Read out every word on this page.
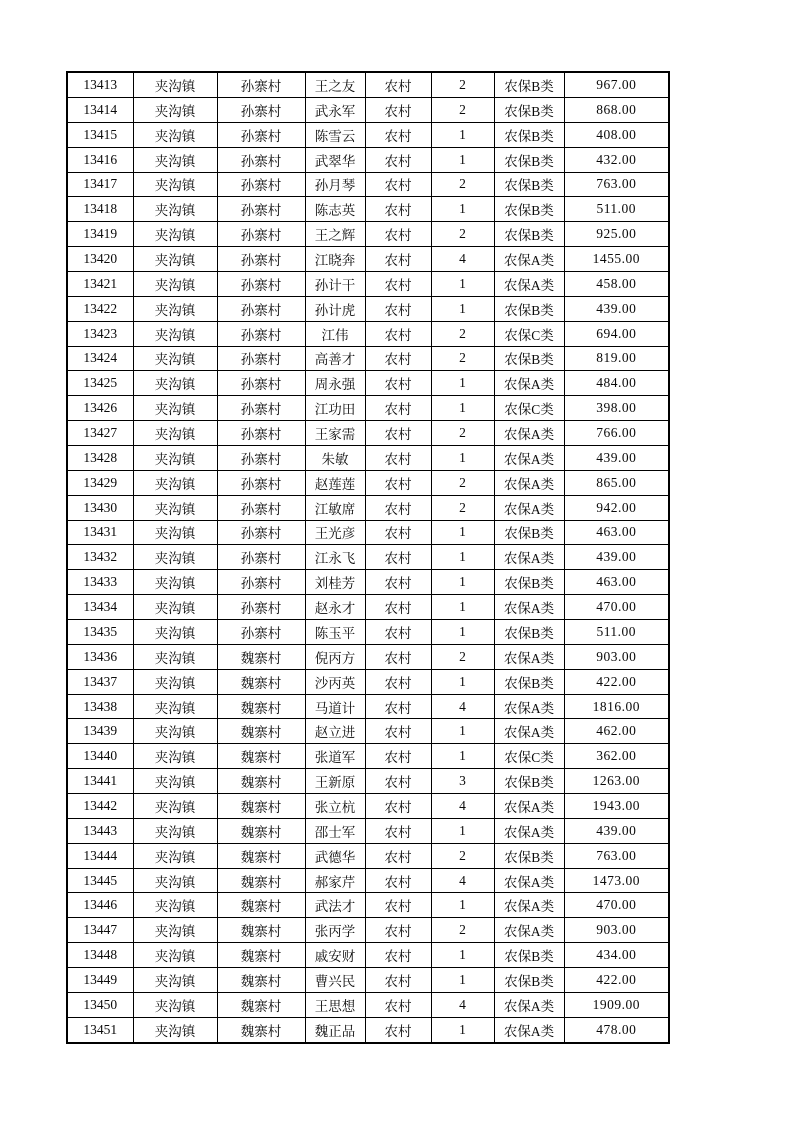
13413	夹沟镇	孙寨村	王之友	农村	2	农保B类	967.00
13414	夹沟镇	孙寨村	武永军	农村	2	农保B类	868.00
13415	夹沟镇	孙寨村	陈雪云	农村	1	农保B类	408.00
13416	夹沟镇	孙寨村	武翠华	农村	1	农保B类	432.00
13417	夹沟镇	孙寨村	孙月琴	农村	2	农保B类	763.00
13418	夹沟镇	孙寨村	陈志英	农村	1	农保B类	511.00
13419	夹沟镇	孙寨村	王之辉	农村	2	农保B类	925.00
13420	夹沟镇	孙寨村	江晓奔	农村	4	农保A类	1455.00
13421	夹沟镇	孙寨村	孙计干	农村	1	农保A类	458.00
13422	夹沟镇	孙寨村	孙计虎	农村	1	农保B类	439.00
13423	夹沟镇	孙寨村	江伟	农村	2	农保C类	694.00
13424	夹沟镇	孙寨村	高善才	农村	2	农保B类	819.00
13425	夹沟镇	孙寨村	周永强	农村	1	农保A类	484.00
13426	夹沟镇	孙寨村	江功田	农村	1	农保C类	398.00
13427	夹沟镇	孙寨村	王家需	农村	2	农保A类	766.00
13428	夹沟镇	孙寨村	朱敏	农村	1	农保A类	439.00
13429	夹沟镇	孙寨村	赵莲莲	农村	2	农保A类	865.00
13430	夹沟镇	孙寨村	江敏席	农村	2	农保A类	942.00
13431	夹沟镇	孙寨村	王光彦	农村	1	农保B类	463.00
13432	夹沟镇	孙寨村	江永飞	农村	1	农保A类	439.00
13433	夹沟镇	孙寨村	刘桂芳	农村	1	农保B类	463.00
13434	夹沟镇	孙寨村	赵永才	农村	1	农保A类	470.00
13435	夹沟镇	孙寨村	陈玉平	农村	1	农保B类	511.00
13436	夹沟镇	魏寨村	倪丙方	农村	2	农保A类	903.00
13437	夹沟镇	魏寨村	沙丙英	农村	1	农保B类	422.00
13438	夹沟镇	魏寨村	马道计	农村	4	农保A类	1816.00
13439	夹沟镇	魏寨村	赵立进	农村	1	农保A类	462.00
13440	夹沟镇	魏寨村	张道军	农村	1	农保C类	362.00
13441	夹沟镇	魏寨村	王新原	农村	3	农保B类	1263.00
13442	夹沟镇	魏寨村	张立杭	农村	4	农保A类	1943.00
13443	夹沟镇	魏寨村	邵士军	农村	1	农保A类	439.00
13444	夹沟镇	魏寨村	武德华	农村	2	农保B类	763.00
13445	夹沟镇	魏寨村	郝家芹	农村	4	农保A类	1473.00
13446	夹沟镇	魏寨村	武法才	农村	1	农保A类	470.00
13447	夹沟镇	魏寨村	张丙学	农村	2	农保A类	903.00
13448	夹沟镇	魏寨村	戚安财	农村	1	农保B类	434.00
13449	夹沟镇	魏寨村	曹兴民	农村	1	农保B类	422.00
13450	夹沟镇	魏寨村	王思想	农村	4	农保A类	1909.00
13451	夹沟镇	魏寨村	魏正品	农村	1	农保A类	478.00
